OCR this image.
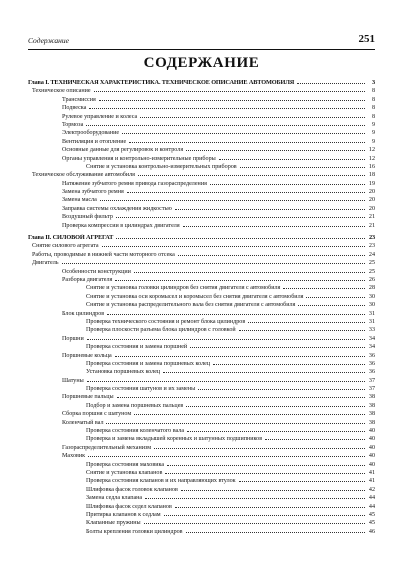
Содержание	251
СОДЕРЖАНИЕ
Глава I. ТЕХНИЧЕСКАЯ ХАРАКТЕРИСТИКА. ТЕХНИЧЕСКОЕ ОПИСАНИЕ АВТОМОБИЛЯ	3
Техническое описание	8
Трансмиссия	8
Подвеска	8
Рулевое управление и колеса	8
Тормоза	9
Электрооборудование	9
Вентиляция и отопление	9
Основные данные для регулировок и контроля	12
Органы управления и контрольно-измерительные приборы	12
Снятие и установка контрольно-измерительных приборов	16
Техническое обслуживание автомобиля	18
Натяжение зубчатого ремня привода газораспределения	19
Замена зубчатого ремня	20
Замена масла	20
Заправка системы охлаждения жидкостью	20
Воздушный фильтр	21
Проверка компрессии в цилиндрах двигателя	21
Глава II. СИЛОВОЙ АГРЕГАТ	23
Снятие силового агрегата	23
Работы, проводимые в нижней части моторного отсека	24
Двигатель	25
Особенности конструкции	25
Разборка двигателя	26
Снятие и установка головки цилиндров без снятия двигателя с автомобиля	28
Снятие и установка оси коромысел и коромысел без снятия двигателя с автомобиля	30
Снятие и установка распределительного вала без снятия двигателя с автомобиля	30
Блок цилиндров	31
Проверка технического состояния и ремонт блока цилиндров	31
Проверка плоскости разъема блока цилиндров с головкой	33
Поршни	34
Проверка состояния и замена поршней	34
Поршневые кольца	36
Проверка состояния и замена поршневых колец	36
Установка поршневых колец	36
Шатуны	37
Проверка состояния шатунов и их замены	37
Поршневые пальцы	38
Подбор и замена поршневых пальцев	38
Сборка поршня с шатуном	38
Коленчатый вал	38
Проверка состояния коленчатого вала	40
Проверка и замена вкладышей коренных и шатунных подшипников	40
Газораспределительный механизм	40
Маховик	40
Проверка состояния маховика	40
Снятие и установка клапанов	41
Проверка состояния клапанов и их направляющих втулок	41
Шлифовка фасок головок клапанов	42
Замена седла клапана	44
Шлифовка фасок седел клапанов	44
Притирка клапанов к седлам	45
Клапанные пружины	45
Болты крепления головки цилиндров	46
